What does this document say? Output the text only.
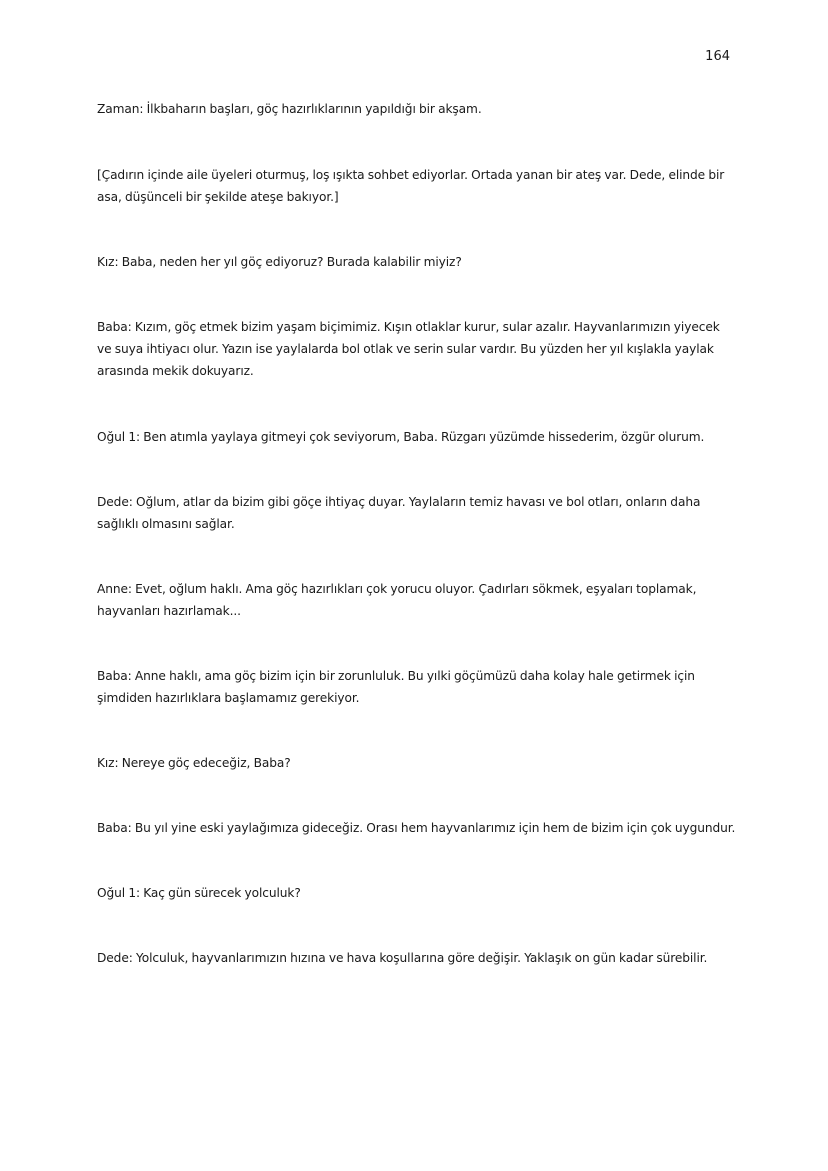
164

Zaman: İlkbaharın başları, göç hazırlıklarının yapıldığı bir akşam.

[Çadırın içinde aile üyeleri oturmuş, loş ışıkta sohbet ediyorlar. Ortada yanan bir ateş var. Dede, elinde bir asa, düşünceli bir şekilde ateşe bakıyor.]

Kız: Baba, neden her yıl göç ediyoruz? Burada kalabilir miyiz?

Baba: Kızım, göç etmek bizim yaşam biçimimiz. Kışın otlaklar kurur, sular azalır. Hayvanlarımızın yiyecek ve suya ihtiyacı olur. Yazın ise yaylalarda bol otlak ve serin sular vardır. Bu yüzden her yıl kışlakla yaylak arasında mekik dokuyarız.

Oğul 1: Ben atımla yaylaya gitmeyi çok seviyorum, Baba. Rüzgarı yüzümde hissederim, özgür olurum.

Dede: Oğlum, atlar da bizim gibi göçe ihtiyaç duyar. Yaylaların temiz havası ve bol otları, onların daha sağlıklı olmasını sağlar.

Anne: Evet, oğlum haklı. Ama göç hazırlıkları çok yorucu oluyor. Çadırları sökmek, eşyaları toplamak, hayvanları hazırlamak...

Baba: Anne haklı, ama göç bizim için bir zorunluluk. Bu yılki göçümüzü daha kolay hale getirmek için şimdiden hazırlıklara başlamamız gerekiyor.

Kız: Nereye göç edeceğiz, Baba?

Baba: Bu yıl yine eski yaylağımıza gideceğiz. Orası hem hayvanlarımız için hem de bizim için çok uygundur.

Oğul 1: Kaç gün sürecek yolculuk?

Dede: Yolculuk, hayvanlarımızın hızına ve hava koşullarına göre değişir. Yaklaşık on gün kadar sürebilir.
